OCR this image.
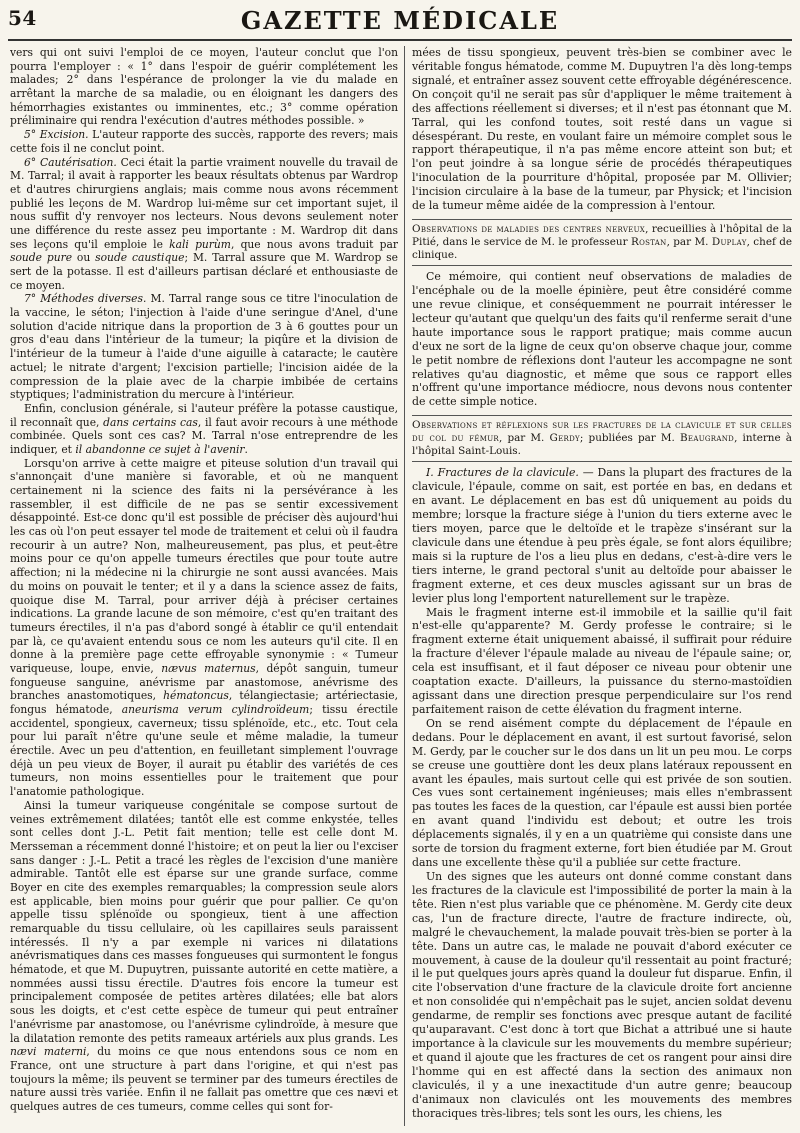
54	GAZETTE MÉDICALE

vers qui ont suivi l'emploi de ce moyen, l'auteur conclut que l'on pourra l'employer : « 1° dans l'espoir de guérir complétement les malades; 2° dans l'espérance de prolonger la vie du malade en arrêtant la marche de sa maladie, ou en éloignant les dangers des hémorrhagies existantes ou imminentes, etc.; 3° comme opération préliminaire qui rendra l'exécution d'autres méthodes possible. »

5° Excision. L'auteur rapporte des succès, rapporte des revers; mais cette fois il ne conclut point.

6° Cautérisation. Ceci était la partie vraiment nouvelle du travail de M. Tarral; il avait à rapporter les beaux résultats obtenus par Wardrop et d'autres chirurgiens anglais; mais comme nous avons récemment publié les leçons de M. Wardrop lui-même sur cet important sujet, il nous suffit d'y renvoyer nos lecteurs. Nous devons seulement noter une différence du reste assez peu importante : M. Wardrop dit dans ses leçons qu'il emploie le kali purùm, que nous avons traduit par soude pure ou soude caustique; M. Tarral assure que M. Wardrop se sert de la potasse. Il est d'ailleurs partisan déclaré et enthousiaste de ce moyen.

7° Méthodes diverses. M. Tarral range sous ce titre l'inoculation de la vaccine, le séton; l'injection à l'aide d'une seringue d'Anel, d'une solution d'acide nitrique dans la proportion de 3 à 6 gouttes pour un gros d'eau dans l'intérieur de la tumeur; la piqûre et la division de l'intérieur de la tumeur à l'aide d'une aiguille à cataracte; le cautère actuel; le nitrate d'argent; l'excision partielle; l'incision aidée de la compression de la plaie avec de la charpie imbibée de certains styptiques; l'administration du mercure à l'intérieur.

Enfin, conclusion générale, si l'auteur préfère la potasse caustique, il reconnaît que, dans certains cas, il faut avoir recours à une méthode combinée. Quels sont ces cas? M. Tarral n'ose entreprendre de les indiquer, et il abandonne ce sujet à l'avenir.

Lorsqu'on arrive à cette maigre et piteuse solution d'un travail qui s'annonçait d'une manière si favorable, et où ne manquent certainement ni la science des faits ni la persévérance à les rassembler, il est difficile de ne pas se sentir excessivement désappointé. Est-ce donc qu'il est possible de préciser dès aujourd'hui les cas où l'on peut essayer tel mode de traitement et celui où il faudra recourir à un autre? Non, malheureusement, pas plus, et peut-être moins pour ce qu'on appelle tumeurs érectiles que pour toute autre affection; ni la médecine ni la chirurgie ne sont aussi avancées. Mais du moins on pouvait le tenter; et il y a dans la science assez de faits, quoique dise M. Tarral, pour arriver déjà à préciser certaines indications. La grande lacune de son mémoire, c'est qu'en traitant des tumeurs érectiles, il n'a pas d'abord songé à établir ce qu'il entendait par là, ce qu'avaient entendu sous ce nom les auteurs qu'il cite. Il en donne à la première page cette effroyable synonymie : « Tumeur variqueuse, loupe, envie, nævus maternus, dépôt sanguin, tumeur fongueuse sanguine, anévrisme par anastomose, anévrisme des branches anastomotiques, hématoncus, télangiectasie; artériectasie, fongus hématode, aneurisma verum cylindroïdeum; tissu érectile accidentel, spongieux, caverneux; tissu splénoïde, etc., etc. Tout cela pour lui paraît n'être qu'une seule et même maladie, la tumeur érectile. Avec un peu d'attention, en feuilletant simplement l'ouvrage déjà un peu vieux de Boyer, il aurait pu établir des variétés de ces tumeurs, non moins essentielles pour le traitement que pour l'anatomie pathologique.

Ainsi la tumeur variqueuse congénitale se compose surtout de veines extrêmement dilatées; tantôt elle est comme enkystée, telles sont celles dont J.-L. Petit fait mention; telle est celle dont M. Mersseman a récemment donné l'histoire; et on peut la lier ou l'exciser sans danger : J.-L. Petit a tracé les règles de l'excision d'une manière admirable. Tantôt elle est éparse sur une grande surface, comme Boyer en cite des exemples remarquables; la compression seule alors est applicable, bien moins pour guérir que pour pallier. Ce qu'on appelle tissu splénoïde ou spongieux, tient à une affection remarquable du tissu cellulaire, où les capillaires seuls paraissent intéressés. Il n'y a par exemple ni varices ni dilatations anévrismatiques dans ces masses fongueuses qui surmontent le fongus hématode, et que M. Dupuytren, puissante autorité en cette matière, a nommées aussi tissu érectile. D'autres fois encore la tumeur est principalement composée de petites artères dilatées; elle bat alors sous les doigts, et c'est cette espèce de tumeur qui peut entraîner l'anévrisme par anastomose, ou l'anévrisme cylindroïde, à mesure que la dilatation remonte des petits rameaux artériels aux plus grands. Les nævi materni, du moins ce que nous entendons sous ce nom en France, ont une structure à part dans l'origine, et qui n'est pas toujours la même; ils peuvent se terminer par des tumeurs érectiles de nature aussi très variée. Enfin il ne fallait pas omettre que ces nævi et quelques autres de ces tumeurs, comme celles qui sont for-

mées de tissu spongieux, peuvent très-bien se combiner avec le véritable fongus hématode, comme M. Dupuytren l'a dès long-temps signalé, et entraîner assez souvent cette effroyable dégénérescence. On conçoit qu'il ne serait pas sûr d'appliquer le même traitement à des affections réellement si diverses; et il n'est pas étonnant que M. Tarral, qui les confond toutes, soit resté dans un vague si désespérant. Du reste, en voulant faire un mémoire complet sous le rapport thérapeutique, il n'a pas même encore atteint son but; et l'on peut joindre à sa longue série de procédés thérapeutiques l'inoculation de la pourriture d'hôpital, proposée par M. Ollivier; l'incision circulaire à la base de la tumeur, par Physick; et l'incision de la tumeur même aidée de la compression à l'entour.

Observations de maladies des centres nerveux, recueillies à l'hôpital de la Pitié, dans le service de M. le professeur Rostan, par M. Duplay, chef de clinique.

Ce mémoire, qui contient neuf observations de maladies de l'encéphale ou de la moelle épinière, peut être considéré comme une revue clinique, et conséquemment ne pourrait intéresser le lecteur qu'autant que quelqu'un des faits qu'il renferme serait d'une haute importance sous le rapport pratique; mais comme aucun d'eux ne sort de la ligne de ceux qu'on observe chaque jour, comme le petit nombre de réflexions dont l'auteur les accompagne ne sont relatives qu'au diagnostic, et même que sous ce rapport elles n'offrent qu'une importance médiocre, nous devons nous contenter de cette simple notice.

Observations et réflexions sur les fractures de la clavicule et sur celles du col du fémur, par M. Gerdy; publiées par M. Beaugrand, interne à l'hôpital Saint-Louis.

I. Fractures de la clavicule. — Dans la plupart des fractures de la clavicule, l'épaule, comme on sait, est portée en bas, en dedans et en avant. Le déplacement en bas est dû uniquement au poids du membre; lorsque la fracture siége à l'union du tiers externe avec le tiers moyen, parce que le deltoïde et le trapèze s'insérant sur la clavicule dans une étendue à peu près égale, se font alors équilibre; mais si la rupture de l'os a lieu plus en dedans, c'est-à-dire vers le tiers interne, le grand pectoral s'unit au deltoïde pour abaisser le fragment externe, et ces deux muscles agissant sur un bras de levier plus long l'emportent naturellement sur le trapèze.

Mais le fragment interne est-il immobile et la saillie qu'il fait n'est-elle qu'apparente? M. Gerdy professe le contraire; si le fragment externe était uniquement abaissé, il suffirait pour réduire la fracture d'élever l'épaule malade au niveau de l'épaule saine; or, cela est insuffisant, et il faut déposer ce niveau pour obtenir une coaptation exacte. D'ailleurs, la puissance du sterno-mastoïdien agissant dans une direction presque perpendiculaire sur l'os rend parfaitement raison de cette élévation du fragment interne.

On se rend aisément compte du déplacement de l'épaule en dedans. Pour le déplacement en avant, il est surtout favorisé, selon M. Gerdy, par le coucher sur le dos dans un lit un peu mou. Le corps se creuse une gouttière dont les deux plans latéraux repoussent en avant les épaules, mais surtout celle qui est privée de son soutien. Ces vues sont certainement ingénieuses; mais elles n'embrassent pas toutes les faces de la question, car l'épaule est aussi bien portée en avant quand l'individu est debout; et outre les trois déplacements signalés, il y en a un quatrième qui consiste dans une sorte de torsion du fragment externe, fort bien étudiée par M. Grout dans une excellente thèse qu'il a publiée sur cette fracture.

Un des signes que les auteurs ont donné comme constant dans les fractures de la clavicule est l'impossibilité de porter la main à la tête. Rien n'est plus variable que ce phénomène. M. Gerdy cite deux cas, l'un de fracture directe, l'autre de fracture indirecte, où, malgré le chevauchement, la malade pouvait très-bien se porter à la tête. Dans un autre cas, le malade ne pouvait d'abord exécuter ce mouvement, à cause de la douleur qu'il ressentait au point fracturé; il le put quelques jours après quand la douleur fut disparue. Enfin, il cite l'observation d'une fracture de la clavicule droite fort ancienne et non consolidée qui n'empêchait pas le sujet, ancien soldat devenu gendarme, de remplir ses fonctions avec presque autant de facilité qu'auparavant. C'est donc à tort que Bichat a attribué une si haute importance à la clavicule sur les mouvements du membre supérieur; et quand il ajoute que les fractures de cet os rangent pour ainsi dire l'homme qui en est affecté dans la section des animaux non claviculés, il y a une inexactitude d'un autre genre; beaucoup d'animaux non claviculés ont les mouvements des membres thoraciques très-libres; tels sont les ours, les chiens, les
